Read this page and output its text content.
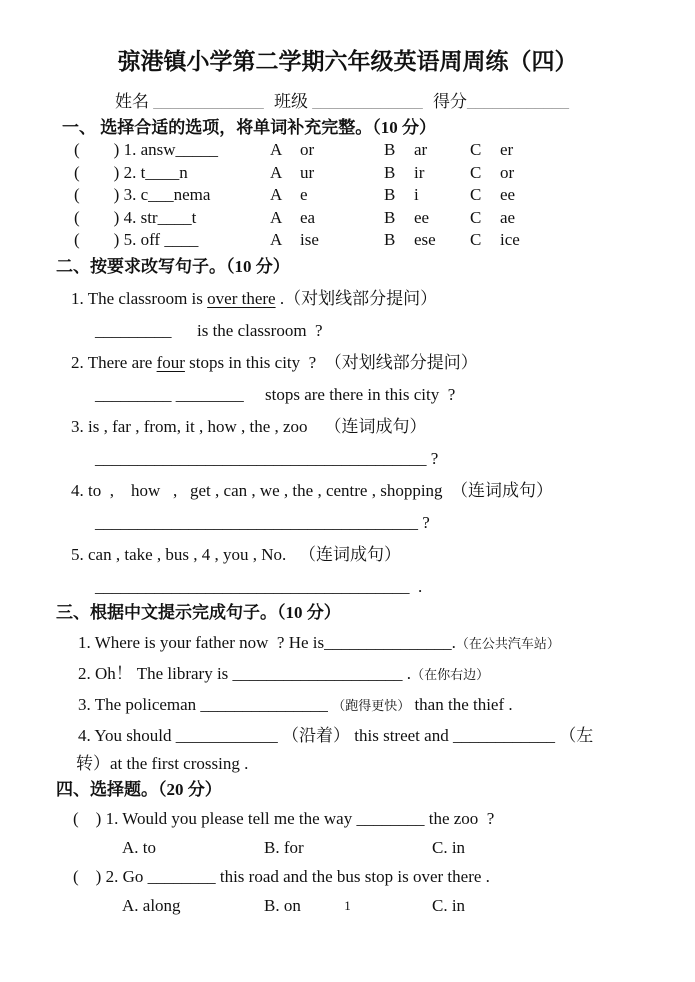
弶港镇小学第二学期六年级英语周周练（四）
姓名 _____________ 班级 _____________ 得分____________
一、 选择合适的选项，将单词补充完整。（10 分）
(　　) 1. answ_____	A	or	B	ar	C	er
(　　) 2. t____n	A	ur	B	ir	C	or
(　　) 3. c___nema	A	e	B	i	C	ee
(　　) 4. str____t	A	ea	B	ee C	ae
(　　) 5. off ____	A	ise	B	ese C	ice
二、按要求改写句子。（10 分）
1. The classroom is over there .（对划线部分提问）
_________      is the classroom  ?
2. There are four stops in this city  ?  （对划线部分提问）
_________ ________     stops are there in this city  ?
3. is , far , from, it , how , the , zoo    （连词成句）
_______________________________________ ?
4. to  ,    how   ,   get , can , we , the , centre , shopping  （连词成句）
______________________________________ ?
5. can , take , bus , 4 , you , No.   （连词成句）
_____________________________________  .
三、根据中文提示完成句子。（10 分）
1. Where is your father now  ? He is_______________.（在公共汽车站）
2. Oh！ The library is ____________________ .（在你右边）
3. The policeman _______________ （跑得更快） than the thief .
4. You should ____________ （沿着） this street and ____________ （左
转）at the first crossing .
四、选择题。（20 分）
(　) 1. Would you please tell me the way ________ the zoo  ?
A. to	B. for	C. in
(　) 2. Go ________ this road and the bus stop is over there .
A. along	B. on	C. in
1
